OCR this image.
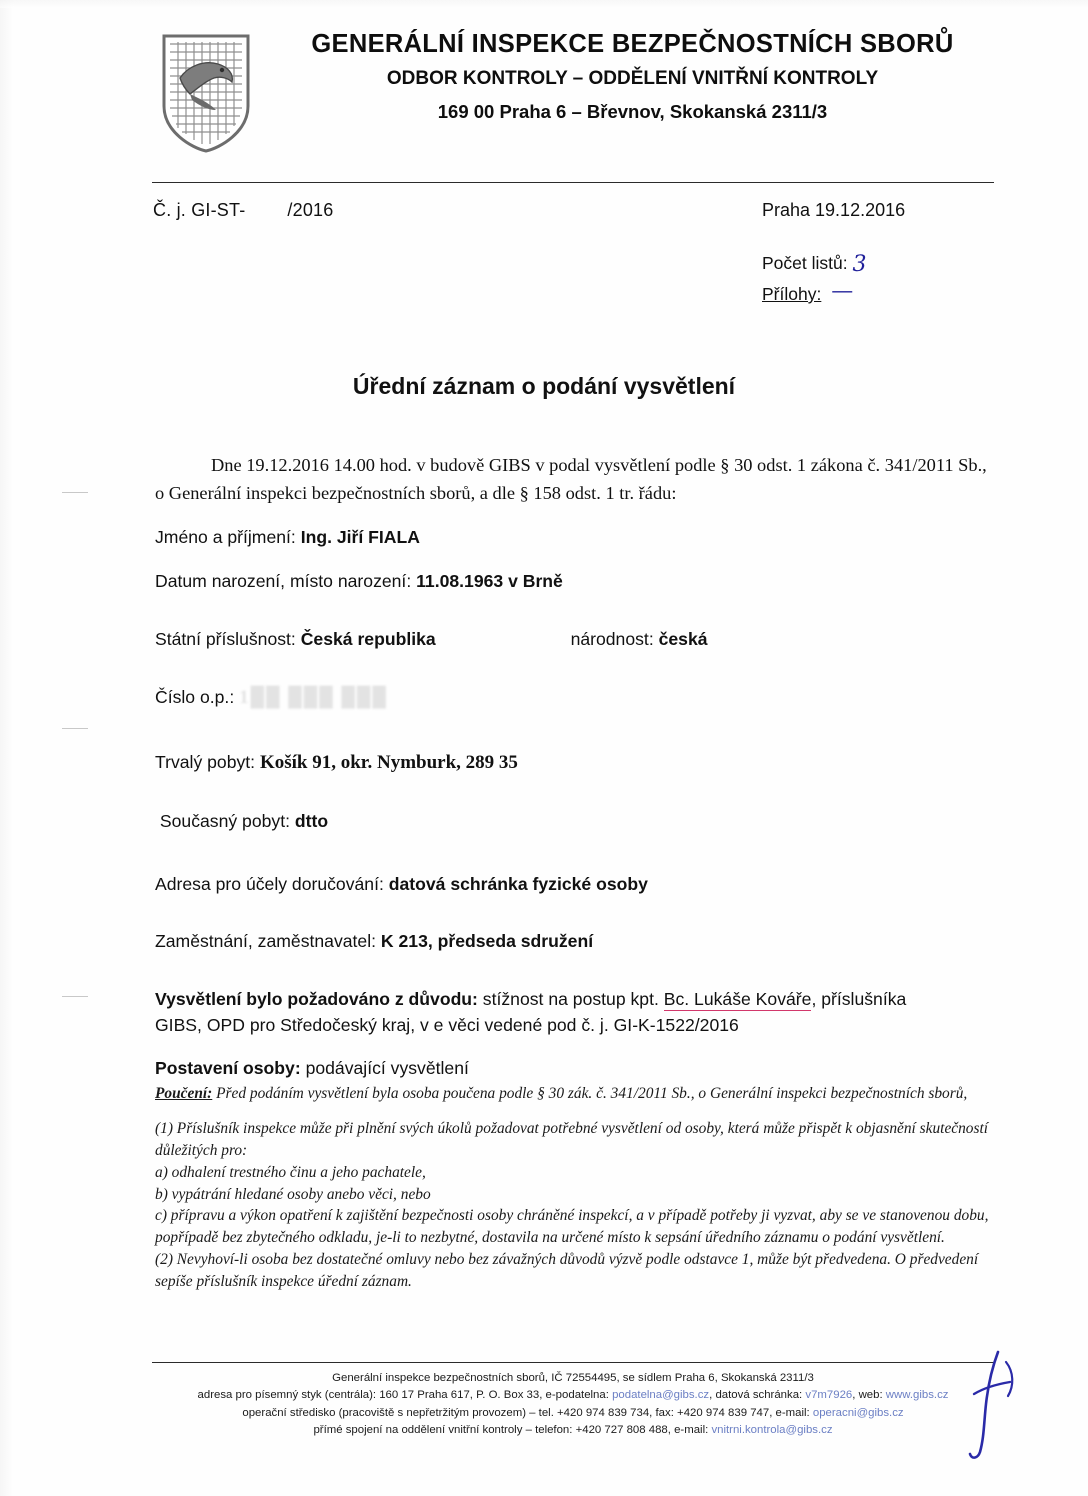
GENERÁLNÍ INSPEKCE BEZPEČNOSTNÍCH SBORŮ
ODBOR KONTROLY – ODDĚLENÍ VNITŘNÍ KONTROLY
169 00 Praha 6 – Břevnov, Skokanská 2311/3
Č. j. GI-ST- /2016	Praha 19.12.2016
Počet listů: 3
Přílohy: —
Úřední záznam o podání vysvětlení
Dne 19.12.2016 14.00 hod. v budově GIBS v podal vysvětlení podle § 30 odst. 1 zákona č. 341/2011 Sb., o Generální inspekci bezpečnostních sborů, a dle § 158 odst. 1 tr. řádu:
Jméno a příjmení: Ing. Jiří FIALA
Datum narození, místo narození: 11.08.1963 v Brně
Státní příslušnost: Česká republika	národnost: česká
Číslo o.p.: 1██ ███ ███
Trvalý pobyt: Košík 91, okr. Nymburk, 289 35
Současný pobyt: dtto
Adresa pro účely doručování: datová schránka fyzické osoby
Zaměstnání, zaměstnavatel: K 213, předseda sdružení
Vysvětlení bylo požadováno z důvodu: stížnost na postup kpt. Bc. Lukáše Kováře, příslušníka
GIBS, OPD pro Středočeský kraj, v e věci vedené pod č. j. GI-K-1522/2016
Postavení osoby: podávající vysvětlení

Poučení: Před podáním vysvětlení byla osoba poučena podle § 30 zák. č. 341/2011 Sb., o Generální inspekci bezpečnostních sborů,

(1) Příslušník inspekce může při plnění svých úkolů požadovat potřebné vysvětlení od osoby, která může přispět k objasnění skutečností důležitých pro:

a) odhalení trestného činu a jeho pachatele,

b) vypátrání hledané osoby anebo věci, nebo

c) přípravu a výkon opatření k zajištění bezpečnosti osoby chráněné inspekcí, a v případě potřeby ji vyzvat, aby se ve stanovenou dobu, popřípadě bez zbytečného odkladu, je-li to nezbytné, dostavila na určené místo k sepsání úředního záznamu o podání vysvětlení.

(2) Nevyhoví-li osoba bez dostatečné omluvy nebo bez závažných důvodů výzvě podle odstavce 1, může být předvedena. O předvedení sepíše příslušník inspekce úřední záznam.

Generální inspekce bezpečnostních sborů, IČ 72554495, se sídlem Praha 6, Skokanská 2311/3
adresa pro písemný styk (centrála): 160 17 Praha 617, P. O. Box 33, e-podatelna: podatelna@gibs.cz, datová schránka: v7m7926, web: www.gibs.cz
operační středisko (pracoviště s nepřetržitým provozem) – tel. +420 974 839 734, fax: +420 974 839 747, e-mail: operacni@gibs.cz
přímé spojení na oddělení vnitřní kontroly – telefon: +420 727 808 488, e-mail: vnitrni.kontrola@gibs.cz
